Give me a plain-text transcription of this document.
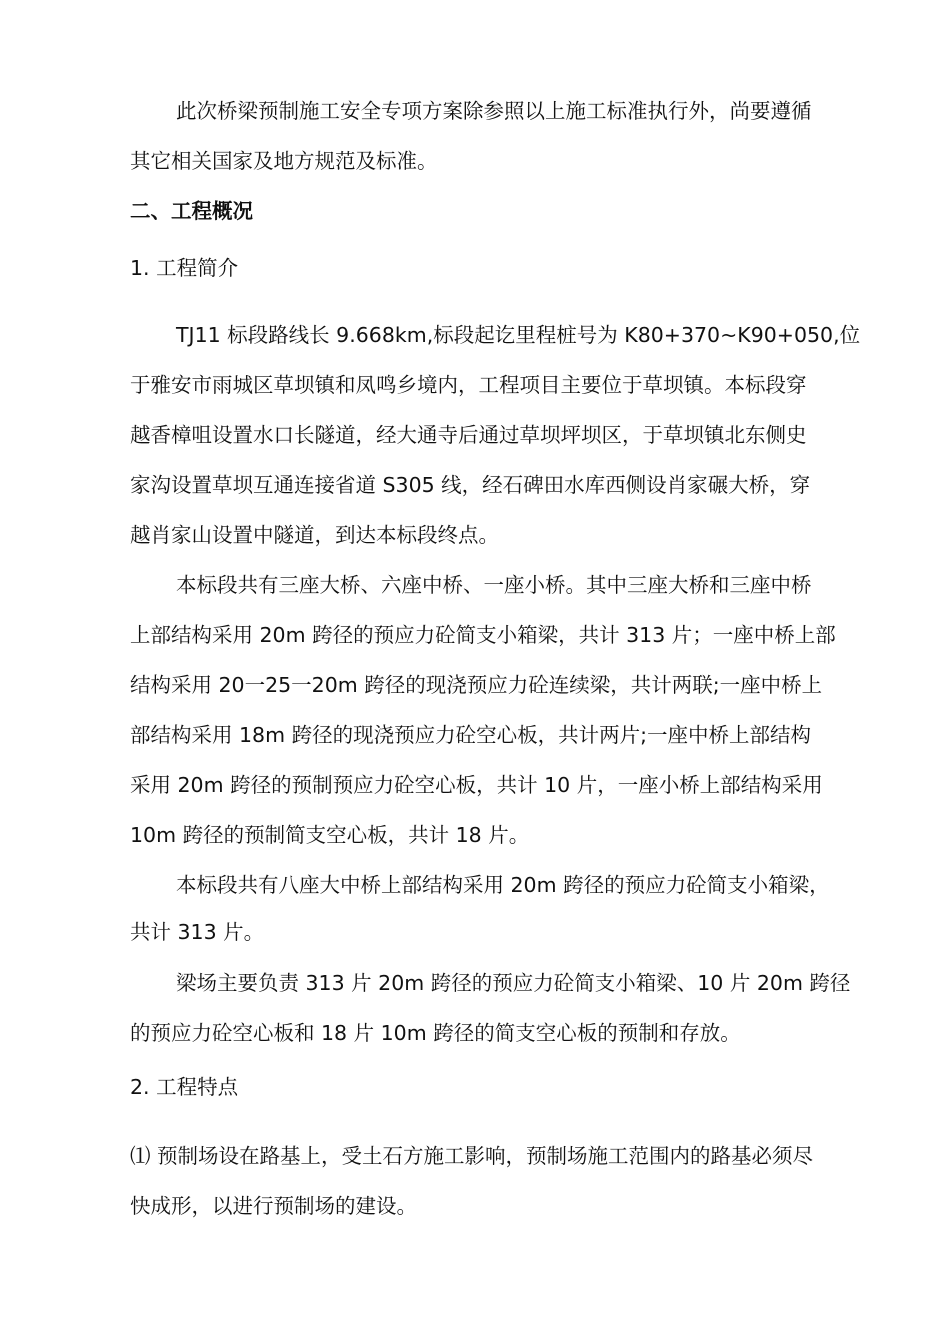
此次桥梁预制施工安全专项方案除参照以上施工标准执行外，尚要遵循
其它相关国家及地方规范及标准。
二、工程概况
1. 工程简介
TJ11 标段路线长 9.668km,标段起讫里程桩号为 K80+370~K90+050,位
于雅安市雨城区草坝镇和凤鸣乡境内，工程项目主要位于草坝镇。本标段穿
越香樟咀设置水口长隧道，经大通寺后通过草坝坪坝区，于草坝镇北东侧史
家沟设置草坝互通连接省道 S305 线，经石碑田水库西侧设肖家碾大桥，穿
越肖家山设置中隧道，到达本标段终点。
本标段共有三座大桥、六座中桥、一座小桥。其中三座大桥和三座中桥
上部结构采用 20m 跨径的预应力砼简支小箱梁，共计 313 片；一座中桥上部
结构采用 20一25一20m 跨径的现浇预应力砼连续梁，共计两联;一座中桥上
部结构采用 18m 跨径的现浇预应力砼空心板，共计两片;一座中桥上部结构
采用 20m 跨径的预制预应力砼空心板，共计 10 片，一座小桥上部结构采用
10m 跨径的预制简支空心板，共计 18 片。
本标段共有八座大中桥上部结构采用 20m 跨径的预应力砼简支小箱梁，
共计 313 片。
梁场主要负责 313 片 20m 跨径的预应力砼简支小箱梁、10 片 20m 跨径
的预应力砼空心板和 18 片 10m 跨径的简支空心板的预制和存放。
2. 工程特点
⑴ 预制场设在路基上，受土石方施工影响，预制场施工范围内的路基必须尽
快成形，以进行预制场的建设。
